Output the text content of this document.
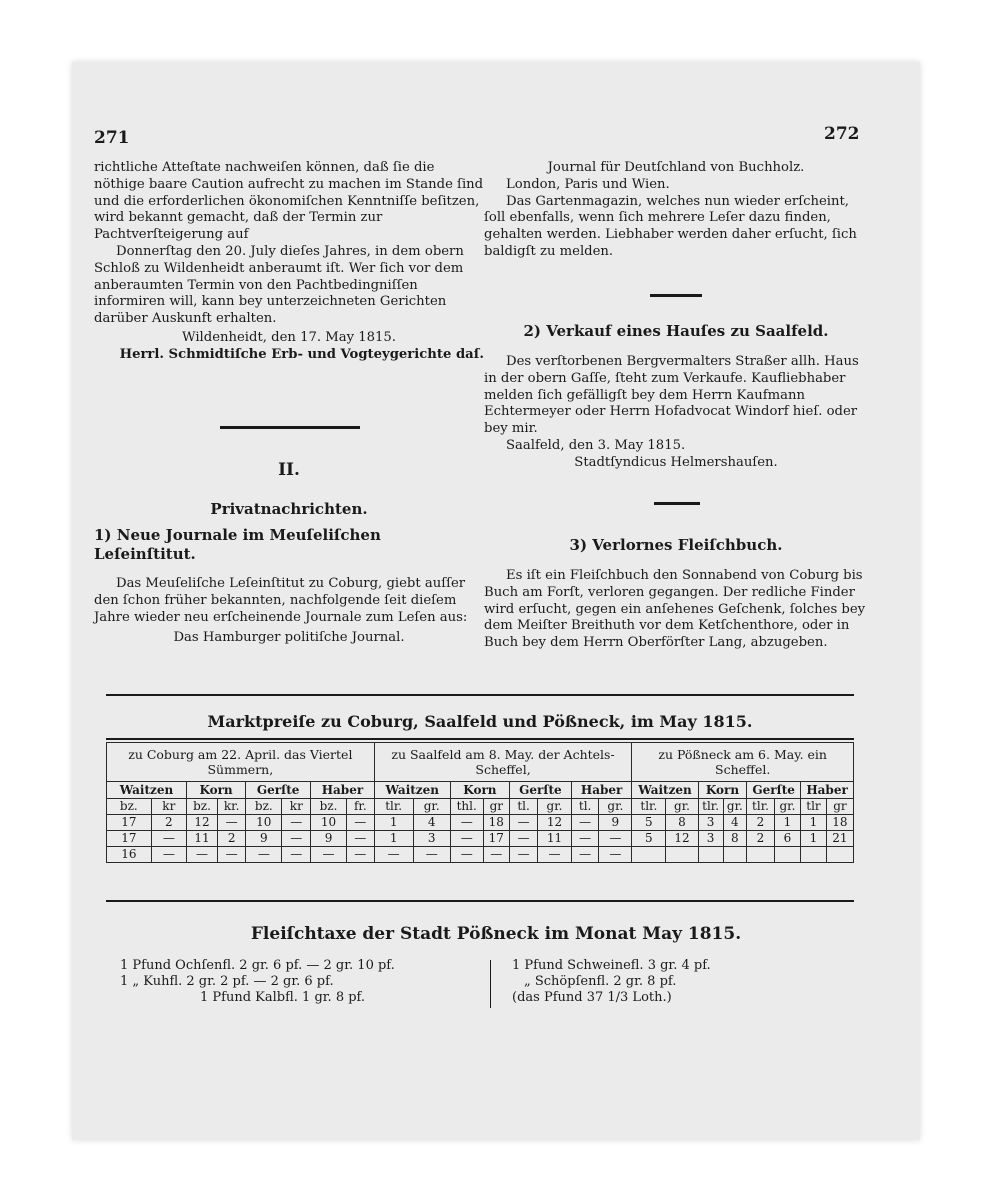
271	272

richtliche Atteſtate nachweiſen können, daß ſie die nöthige baare Caution aufrecht zu machen im Stande ſind und die erforderlichen ökonomiſchen Kenntniſſe beſitzen, wird bekannt gemacht, daß der Termin zur Pachtverſteigerung auf

Donnerſtag den 20. July dieſes Jahres, in dem obern Schloß zu Wildenheidt anberaumt iſt. Wer ſich vor dem anberaumten Termin von den Pachtbedingniſſen informiren will, kann bey unterzeichneten Gerichten darüber Auskunft erhalten.

Wildenheidt, den 17. May 1815.

Herrl. Schmidtiſche Erb- und Vogteygerichte daſ.

II.
Privatnachrichten.
1) Neue Journale im Meuſeliſchen Leſeinſtitut.

Das Meuſeliſche Leſeinſtitut zu Coburg, giebt auſſer den ſchon früher bekannten, nachfolgende ſeit dieſem Jahre wieder neu erſcheinende Journale zum Leſen aus:

Das Hamburger politiſche Journal.

Journal für Deutſchland von Buchholz.

London, Paris und Wien.

Das Gartenmagazin, welches nun wieder erſcheint, ſoll ebenfalls, wenn ſich mehrere Leſer dazu finden, gehalten werden. Liebhaber werden daher erſucht, ſich baldigſt zu melden.

2) Verkauf eines Hauſes zu Saalfeld.

Des verſtorbenen Bergvermalters Straßer allh. Haus in der obern Gaſſe, ſteht zum Verkaufe. Kaufliebhaber melden ſich gefälligſt bey dem Herrn Kaufmann Echtermeyer oder Herrn Hofadvocat Windorf hieſ. oder bey mir.

Saalfeld, den 3. May 1815.

Stadtſyndicus Helmershauſen.

3) Verlornes Fleiſchbuch.

Es iſt ein Fleiſchbuch den Sonnabend von Coburg bis Buch am Forſt, verloren gegangen. Der redliche Finder wird erſucht, gegen ein anſehenes Geſchenk, ſolches bey dem Meiſter Breithuth vor dem Ketſchenthore, oder in Buch bey dem Herrn Oberförſter Lang, abzugeben.

Marktpreiſe zu Coburg, Saalfeld und Pößneck, im May 1815.
zu Coburg am 22. April. das Viertel Sümmern,								zu Saalfeld am 8. May. der Achtels-Scheffel,								zu Pößneck am 6. May. ein Scheffel.							
Waitzen		Korn		Gerſte		Haber		Waitzen		Korn		Gerſte		Haber		Waitzen		Korn		Gerſte		Haber	
bz.	kr	bz.	kr.	bz.	kr	bz.	fr.	tlr.	gr.	thl.	gr	tl.	gr.	tl.	gr.	tlr.	gr.	tlr.	gr.	tlr.	gr.	tlr	gr
17	2	12	—	10	—	10	—	1	4	—	18	—	12	—	9	5	8	3	4	2	1	1	18
17	—	11	2	9	—	9	—	1	3	—	17	—	11	—	—	5	12	3	8	2	6	1	21
16	—	—	—	—	—	—	—	—	—	—	—	—	—	—	—								
Fleiſchtaxe der Stadt Pößneck im Monat May 1815.
1 Pfund Ochſenfl. 2 gr. 6 pf. — 2 gr. 10 pf.
1 „ Kuhfl. 2 gr. 2 pf. — 2 gr. 6 pf.
1 Pfund Kalbfl. 1 gr. 8 pf.
1 Pfund Schweinefl. 3 gr. 4 pf.
„ Schöpſenfl. 2 gr. 8 pf.
(das Pfund 37 1/3 Loth.)
